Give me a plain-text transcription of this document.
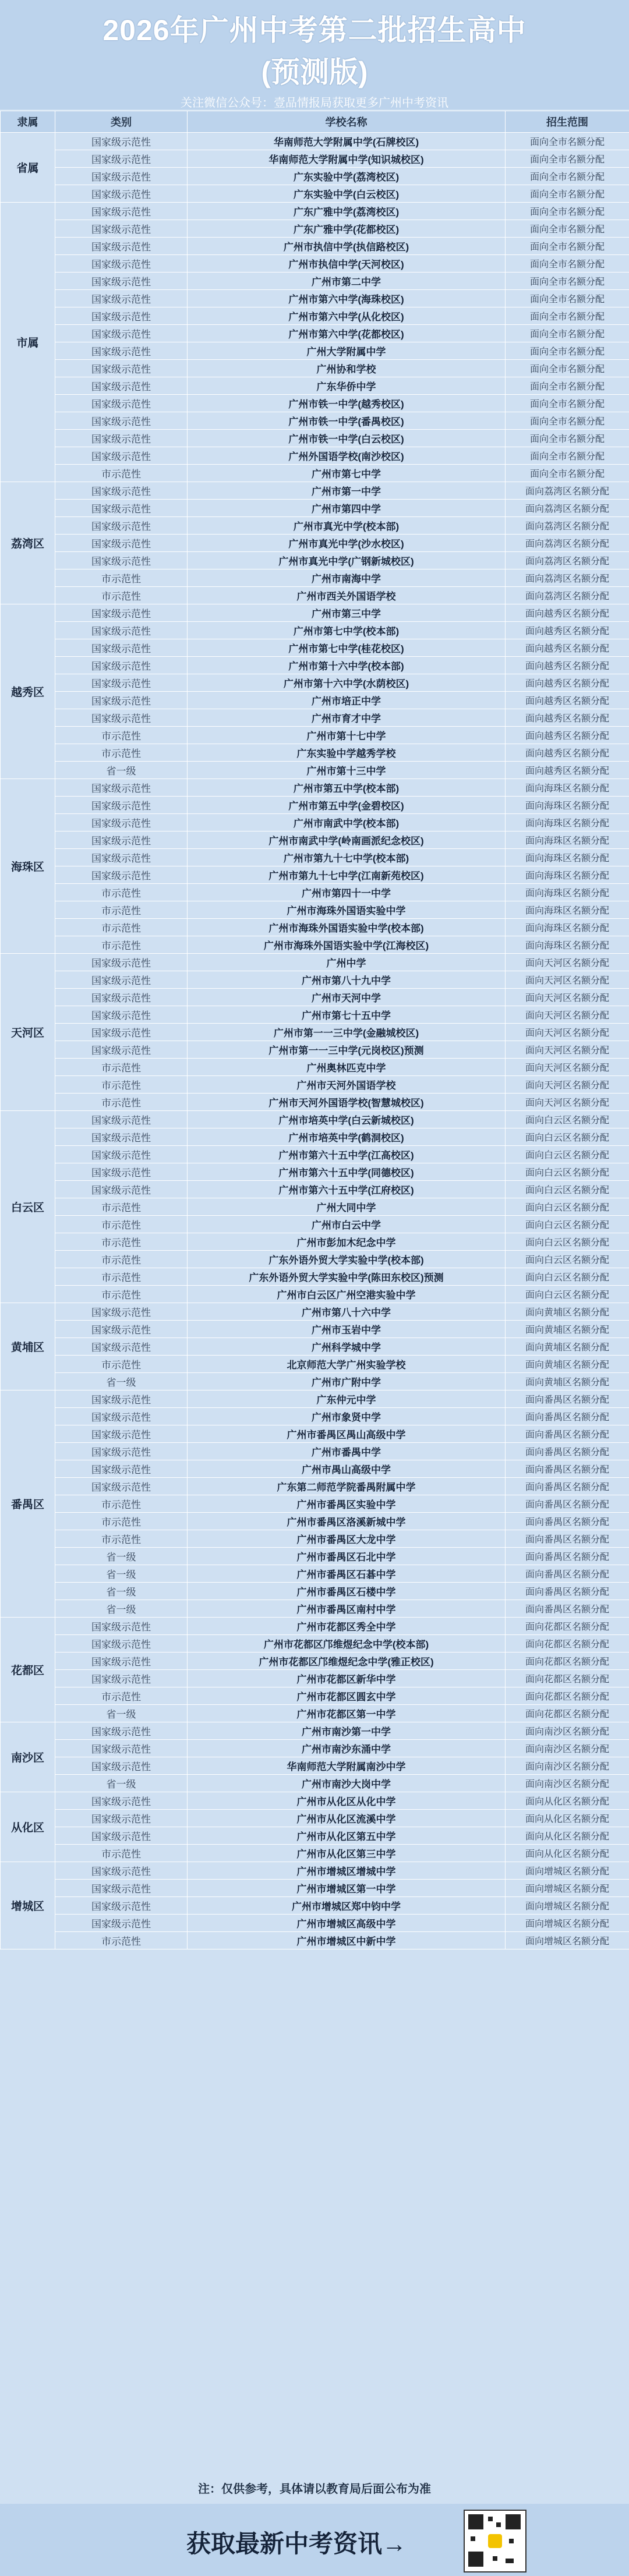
2026年广州中考第二批招生高中
(预测版)
关注微信公众号：壹品情报局获取更多广州中考资讯
隶属	类别	学校名称	招生范围
省属	国家级示范性	华南师范大学附属中学(石牌校区)	面向全市名额分配
	国家级示范性	华南师范大学附属中学(知识城校区)	面向全市名额分配
	国家级示范性	广东实验中学(荔湾校区)	面向全市名额分配
	国家级示范性	广东实验中学(白云校区)	面向全市名额分配
市属	国家级示范性	广东广雅中学(荔湾校区)	面向全市名额分配
	国家级示范性	广东广雅中学(花都校区)	面向全市名额分配
	国家级示范性	广州市执信中学(执信路校区)	面向全市名额分配
	国家级示范性	广州市执信中学(天河校区)	面向全市名额分配
	国家级示范性	广州市第二中学	面向全市名额分配
	国家级示范性	广州市第六中学(海珠校区)	面向全市名额分配
	国家级示范性	广州市第六中学(从化校区)	面向全市名额分配
	国家级示范性	广州市第六中学(花都校区)	面向全市名额分配
	国家级示范性	广州大学附属中学	面向全市名额分配
	国家级示范性	广州协和学校	面向全市名额分配
	国家级示范性	广东华侨中学	面向全市名额分配
	国家级示范性	广州市铁一中学(越秀校区)	面向全市名额分配
	国家级示范性	广州市铁一中学(番禺校区)	面向全市名额分配
	国家级示范性	广州市铁一中学(白云校区)	面向全市名额分配
	国家级示范性	广州外国语学校(南沙校区)	面向全市名额分配
	市示范性	广州市第七中学	面向全市名额分配
荔湾区	国家级示范性	广州市第一中学	面向荔湾区名额分配
	国家级示范性	广州市第四中学	面向荔湾区名额分配
	国家级示范性	广州市真光中学(校本部)	面向荔湾区名额分配
	国家级示范性	广州市真光中学(沙水校区)	面向荔湾区名额分配
	国家级示范性	广州市真光中学(广钢新城校区)	面向荔湾区名额分配
	市示范性	广州市南海中学	面向荔湾区名额分配
	市示范性	广州市西关外国语学校	面向荔湾区名额分配
越秀区	国家级示范性	广州市第三中学	面向越秀区名额分配
	国家级示范性	广州市第七中学(校本部)	面向越秀区名额分配
	国家级示范性	广州市第七中学(桂花校区)	面向越秀区名额分配
	国家级示范性	广州市第十六中学(校本部)	面向越秀区名额分配
	国家级示范性	广州市第十六中学(水荫校区)	面向越秀区名额分配
	国家级示范性	广州市培正中学	面向越秀区名额分配
	国家级示范性	广州市育才中学	面向越秀区名额分配
	市示范性	广州市第十七中学	面向越秀区名额分配
	市示范性	广东实验中学越秀学校	面向越秀区名额分配
	省一级	广州市第十三中学	面向越秀区名额分配
海珠区	国家级示范性	广州市第五中学(校本部)	面向海珠区名额分配
	国家级示范性	广州市第五中学(金碧校区)	面向海珠区名额分配
	国家级示范性	广州市南武中学(校本部)	面向海珠区名额分配
	国家级示范性	广州市南武中学(岭南画派纪念校区)	面向海珠区名额分配
	国家级示范性	广州市第九十七中学(校本部)	面向海珠区名额分配
	国家级示范性	广州市第九十七中学(江南新苑校区)	面向海珠区名额分配
	市示范性	广州市第四十一中学	面向海珠区名额分配
	市示范性	广州市海珠外国语实验中学	面向海珠区名额分配
	市示范性	广州市海珠外国语实验中学(校本部)	面向海珠区名额分配
	市示范性	广州市海珠外国语实验中学(江海校区)	面向海珠区名额分配
天河区	国家级示范性	广州中学	面向天河区名额分配
	国家级示范性	广州市第八十九中学	面向天河区名额分配
	国家级示范性	广州市天河中学	面向天河区名额分配
	国家级示范性	广州市第七十五中学	面向天河区名额分配
	国家级示范性	广州市第一一三中学(金融城校区)	面向天河区名额分配
	国家级示范性	广州市第一一三中学(元岗校区)预测	面向天河区名额分配
	市示范性	广州奥林匹克中学	面向天河区名额分配
	市示范性	广州市天河外国语学校	面向天河区名额分配
	市示范性	广州市天河外国语学校(智慧城校区)	面向天河区名额分配
白云区	国家级示范性	广州市培英中学(白云新城校区)	面向白云区名额分配
	国家级示范性	广州市培英中学(鹤洞校区)	面向白云区名额分配
	国家级示范性	广州市第六十五中学(江高校区)	面向白云区名额分配
	国家级示范性	广州市第六十五中学(同德校区)	面向白云区名额分配
	国家级示范性	广州市第六十五中学(江府校区)	面向白云区名额分配
	市示范性	广州大同中学	面向白云区名额分配
	市示范性	广州市白云中学	面向白云区名额分配
	市示范性	广州市彭加木纪念中学	面向白云区名额分配
	市示范性	广东外语外贸大学实验中学(校本部)	面向白云区名额分配
	市示范性	广东外语外贸大学实验中学(陈田东校区)预测	面向白云区名额分配
	市示范性	广州市白云区广州空港实验中学	面向白云区名额分配
黄埔区	国家级示范性	广州市第八十六中学	面向黄埔区名额分配
	国家级示范性	广州市玉岩中学	面向黄埔区名额分配
	国家级示范性	广州科学城中学	面向黄埔区名额分配
	市示范性	北京师范大学广州实验学校	面向黄埔区名额分配
	省一级	广州市广附中学	面向黄埔区名额分配
番禺区	国家级示范性	广东仲元中学	面向番禺区名额分配
	国家级示范性	广州市象贤中学	面向番禺区名额分配
	国家级示范性	广州市番禺区禺山高级中学	面向番禺区名额分配
	国家级示范性	广州市番禺中学	面向番禺区名额分配
	国家级示范性	广州市禺山高级中学	面向番禺区名额分配
	国家级示范性	广东第二师范学院番禺附属中学	面向番禺区名额分配
	市示范性	广州市番禺区实验中学	面向番禺区名额分配
	市示范性	广州市番禺区洛溪新城中学	面向番禺区名额分配
	市示范性	广州市番禺区大龙中学	面向番禺区名额分配
	省一级	广州市番禺区石北中学	面向番禺区名额分配
	省一级	广州市番禺区石碁中学	面向番禺区名额分配
	省一级	广州市番禺区石楼中学	面向番禺区名额分配
	省一级	广州市番禺区南村中学	面向番禺区名额分配
花都区	国家级示范性	广州市花都区秀全中学	面向花都区名额分配
	国家级示范性	广州市花都区邝维煜纪念中学(校本部)	面向花都区名额分配
	国家级示范性	广州市花都区邝维煜纪念中学(雅正校区)	面向花都区名额分配
	国家级示范性	广州市花都区新华中学	面向花都区名额分配
	市示范性	广州市花都区圆玄中学	面向花都区名额分配
	省一级	广州市花都区第一中学	面向花都区名额分配
南沙区	国家级示范性	广州市南沙第一中学	面向南沙区名额分配
	国家级示范性	广州市南沙东涌中学	面向南沙区名额分配
	国家级示范性	华南师范大学附属南沙中学	面向南沙区名额分配
	省一级	广州市南沙大岗中学	面向南沙区名额分配
从化区	国家级示范性	广州市从化区从化中学	面向从化区名额分配
	国家级示范性	广州市从化区流溪中学	面向从化区名额分配
	国家级示范性	广州市从化区第五中学	面向从化区名额分配
	市示范性	广州市从化区第三中学	面向从化区名额分配
增城区	国家级示范性	广州市增城区增城中学	面向增城区名额分配
	国家级示范性	广州市增城区第一中学	面向增城区名额分配
	国家级示范性	广州市增城区郑中钧中学	面向增城区名额分配
	国家级示范性	广州市增城区高级中学	面向增城区名额分配
	市示范性	广州市增城区中新中学	面向增城区名额分配
注：仅供参考，具体请以教育局后面公布为准
获取最新中考资讯→
